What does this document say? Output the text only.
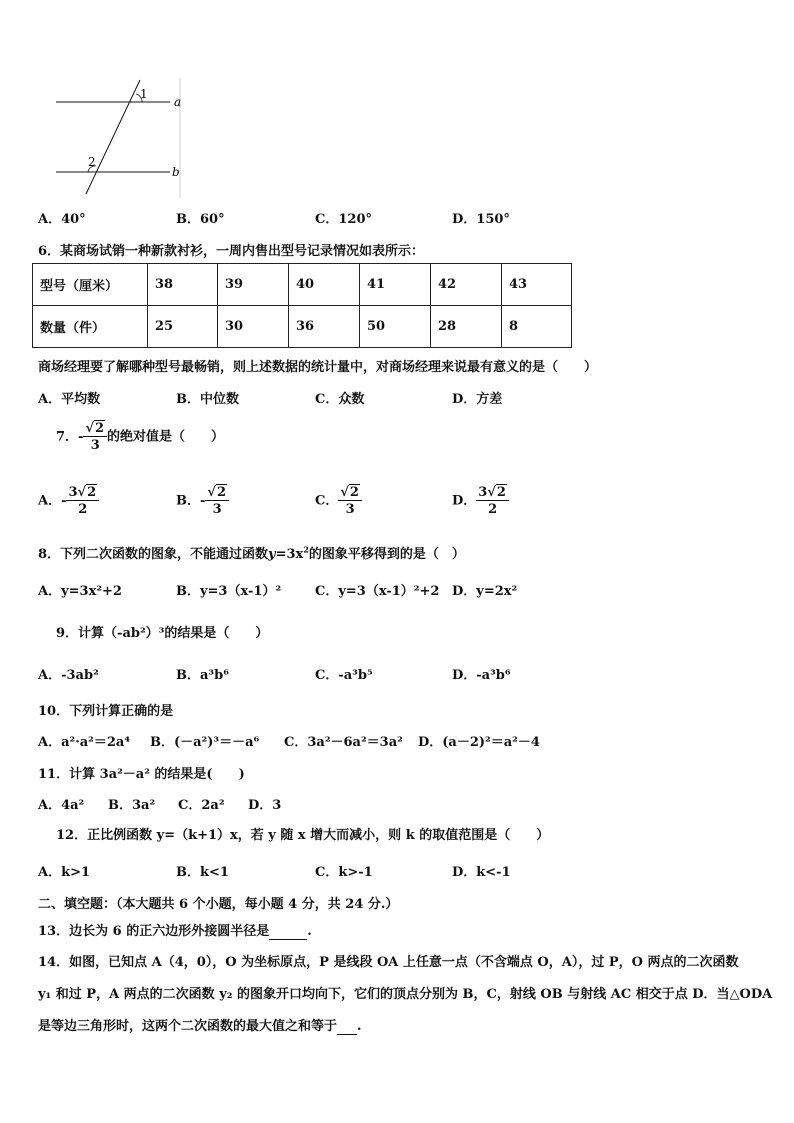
1
2
a
b
A．40°	B．60°	C．120°	D．150°
6．某商场试销一种新款衬衫，一周内售出型号记录情况如表所示：
型号（厘米）	38	39	40	41	42	43
数量（件）	25	30	36	50	28	8
商场经理要了解哪种型号最畅销，则上述数据的统计量中，对商场经理来说最有意义的是（　　）
A．平均数	B．中位数	C．众数	D．方差
7．- $\frac{√2}{3}$ 的绝对值是（　　）
A．- $\frac{3√2}{2}$	B．- $\frac{√2}{3}$	C． $\frac{√2}{3}$	D． $\frac{3√2}{2}$
8．下列二次函数的图象，不能通过函数$y=3x^2$的图象平移得到的是（　）
A．y=3x²+2	B．y=3（x-1）²	C．y=3（x-1）²+2 D．y=2x²
9．计算（-ab²）³的结果是（　　）
A．-3ab²	B．a³b⁶	C．-a³b⁵	D．-a³b⁶
10．下列计算正确的是
A．a²·a²＝2a⁴ B．(－a²)³＝－a⁶ C．3a²－6a²＝3a² D．(a－2)²＝a²－4
11．计算 3a²－a² 的结果是(　　)
A．4a² B．3a² C．2a² D．3
12．正比例函数 y=（k+1）x，若 y 随 x 增大而减小，则 k 的取值范围是（　　）
A．k>1	B．k<1	C．k>-1	D．k<-1
二、填空题：（本大题共 6 个小题，每小题 4 分，共 24 分.）
13．边长为 6 的正六边形外接圆半径是	.
14．如图，已知点 A（4，0），O 为坐标原点，P 是线段 OA 上任意一点（不含端点 O，A），过 P，O 两点的二次函数
y₁ 和过 P，A 两点的二次函数 y₂ 的图象开口均向下，它们的顶点分别为 B，C，射线 OB 与射线 AC 相交于点 D．当△ODA
是等边三角形时，这两个二次函数的最大值之和等于 .
